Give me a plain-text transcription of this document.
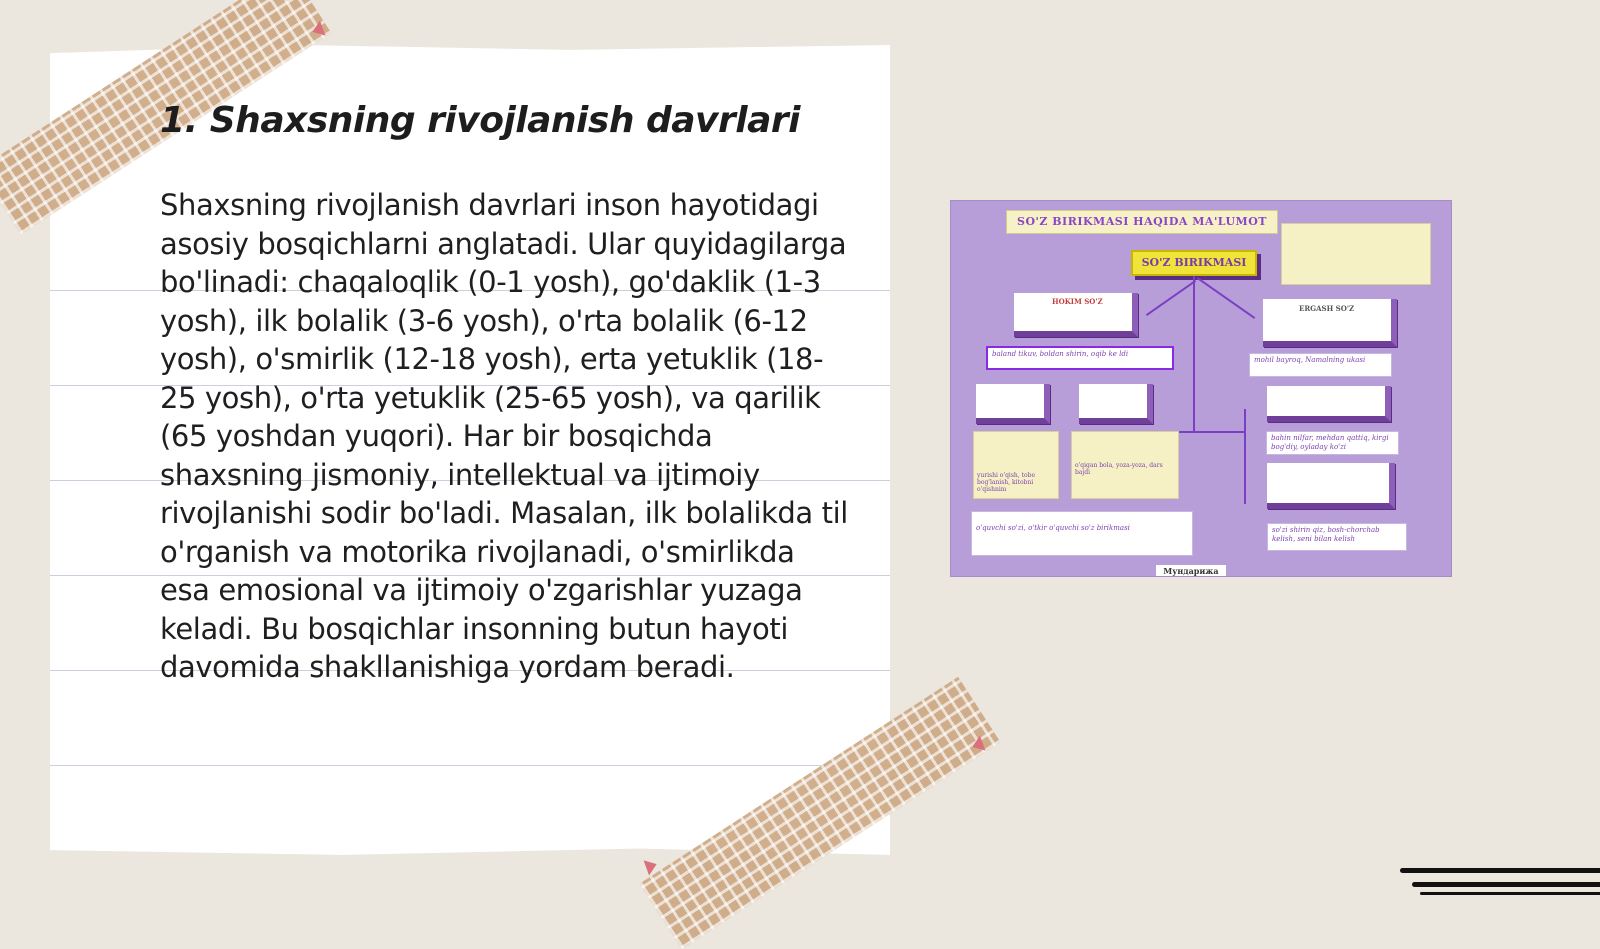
1. Shaxsning rivojlanish davrlari

Shaxsning rivojlanish davrlari inson hayotidagi asosiy bosqichlarni anglatadi. Ular quyidagilarga bo'linadi: chaqaloqlik (0-1 yosh), go'daklik (1-3 yosh), ilk bolalik (3-6 yosh), o'rta bolalik (6-12 yosh), o'smirlik (12-18 yosh), erta yetuklik (18-25 yosh), o'rta yetuklik (25-65 yosh), va qarilik (65 yoshdan yuqori). Har bir bosqichda shaxsning jismoniy, intellektual va ijtimoiy rivojlanishi sodir bo'ladi. Masalan, ilk bolalikda til o'rganish va motorika rivojlanadi, o'smirlikda esa emosional va ijtimoiy o'zgarishlar yuzaga keladi. Bu bosqichlar insonning butun hayoti davomida shakllanishiga yordam beradi.

SO'Z BIRIKMASI HAQIDA MA'LUMOT
SO'Z BIRIKMASI
HOKIM SO'Z
ERGASH SO'Z
baland tikuv, boldan shirin, oqib ke ldi
mohil bayroq, Namalning ukasi
yurishi o'qish, tobe bog'lanish, kitobni o'qishnim
o'qigan bola, yoza-yoza, dars bajdi
bahin nilfar, mehdan qattiq, kirgi bog'diy, oyladay ko'zi
o'quvchi so'zi, o'tkir o'quvchi so'z birikmasi	so'zi shirin qiz, bosh-chorchab kelish, seni bilan kelish
Мундарижа
